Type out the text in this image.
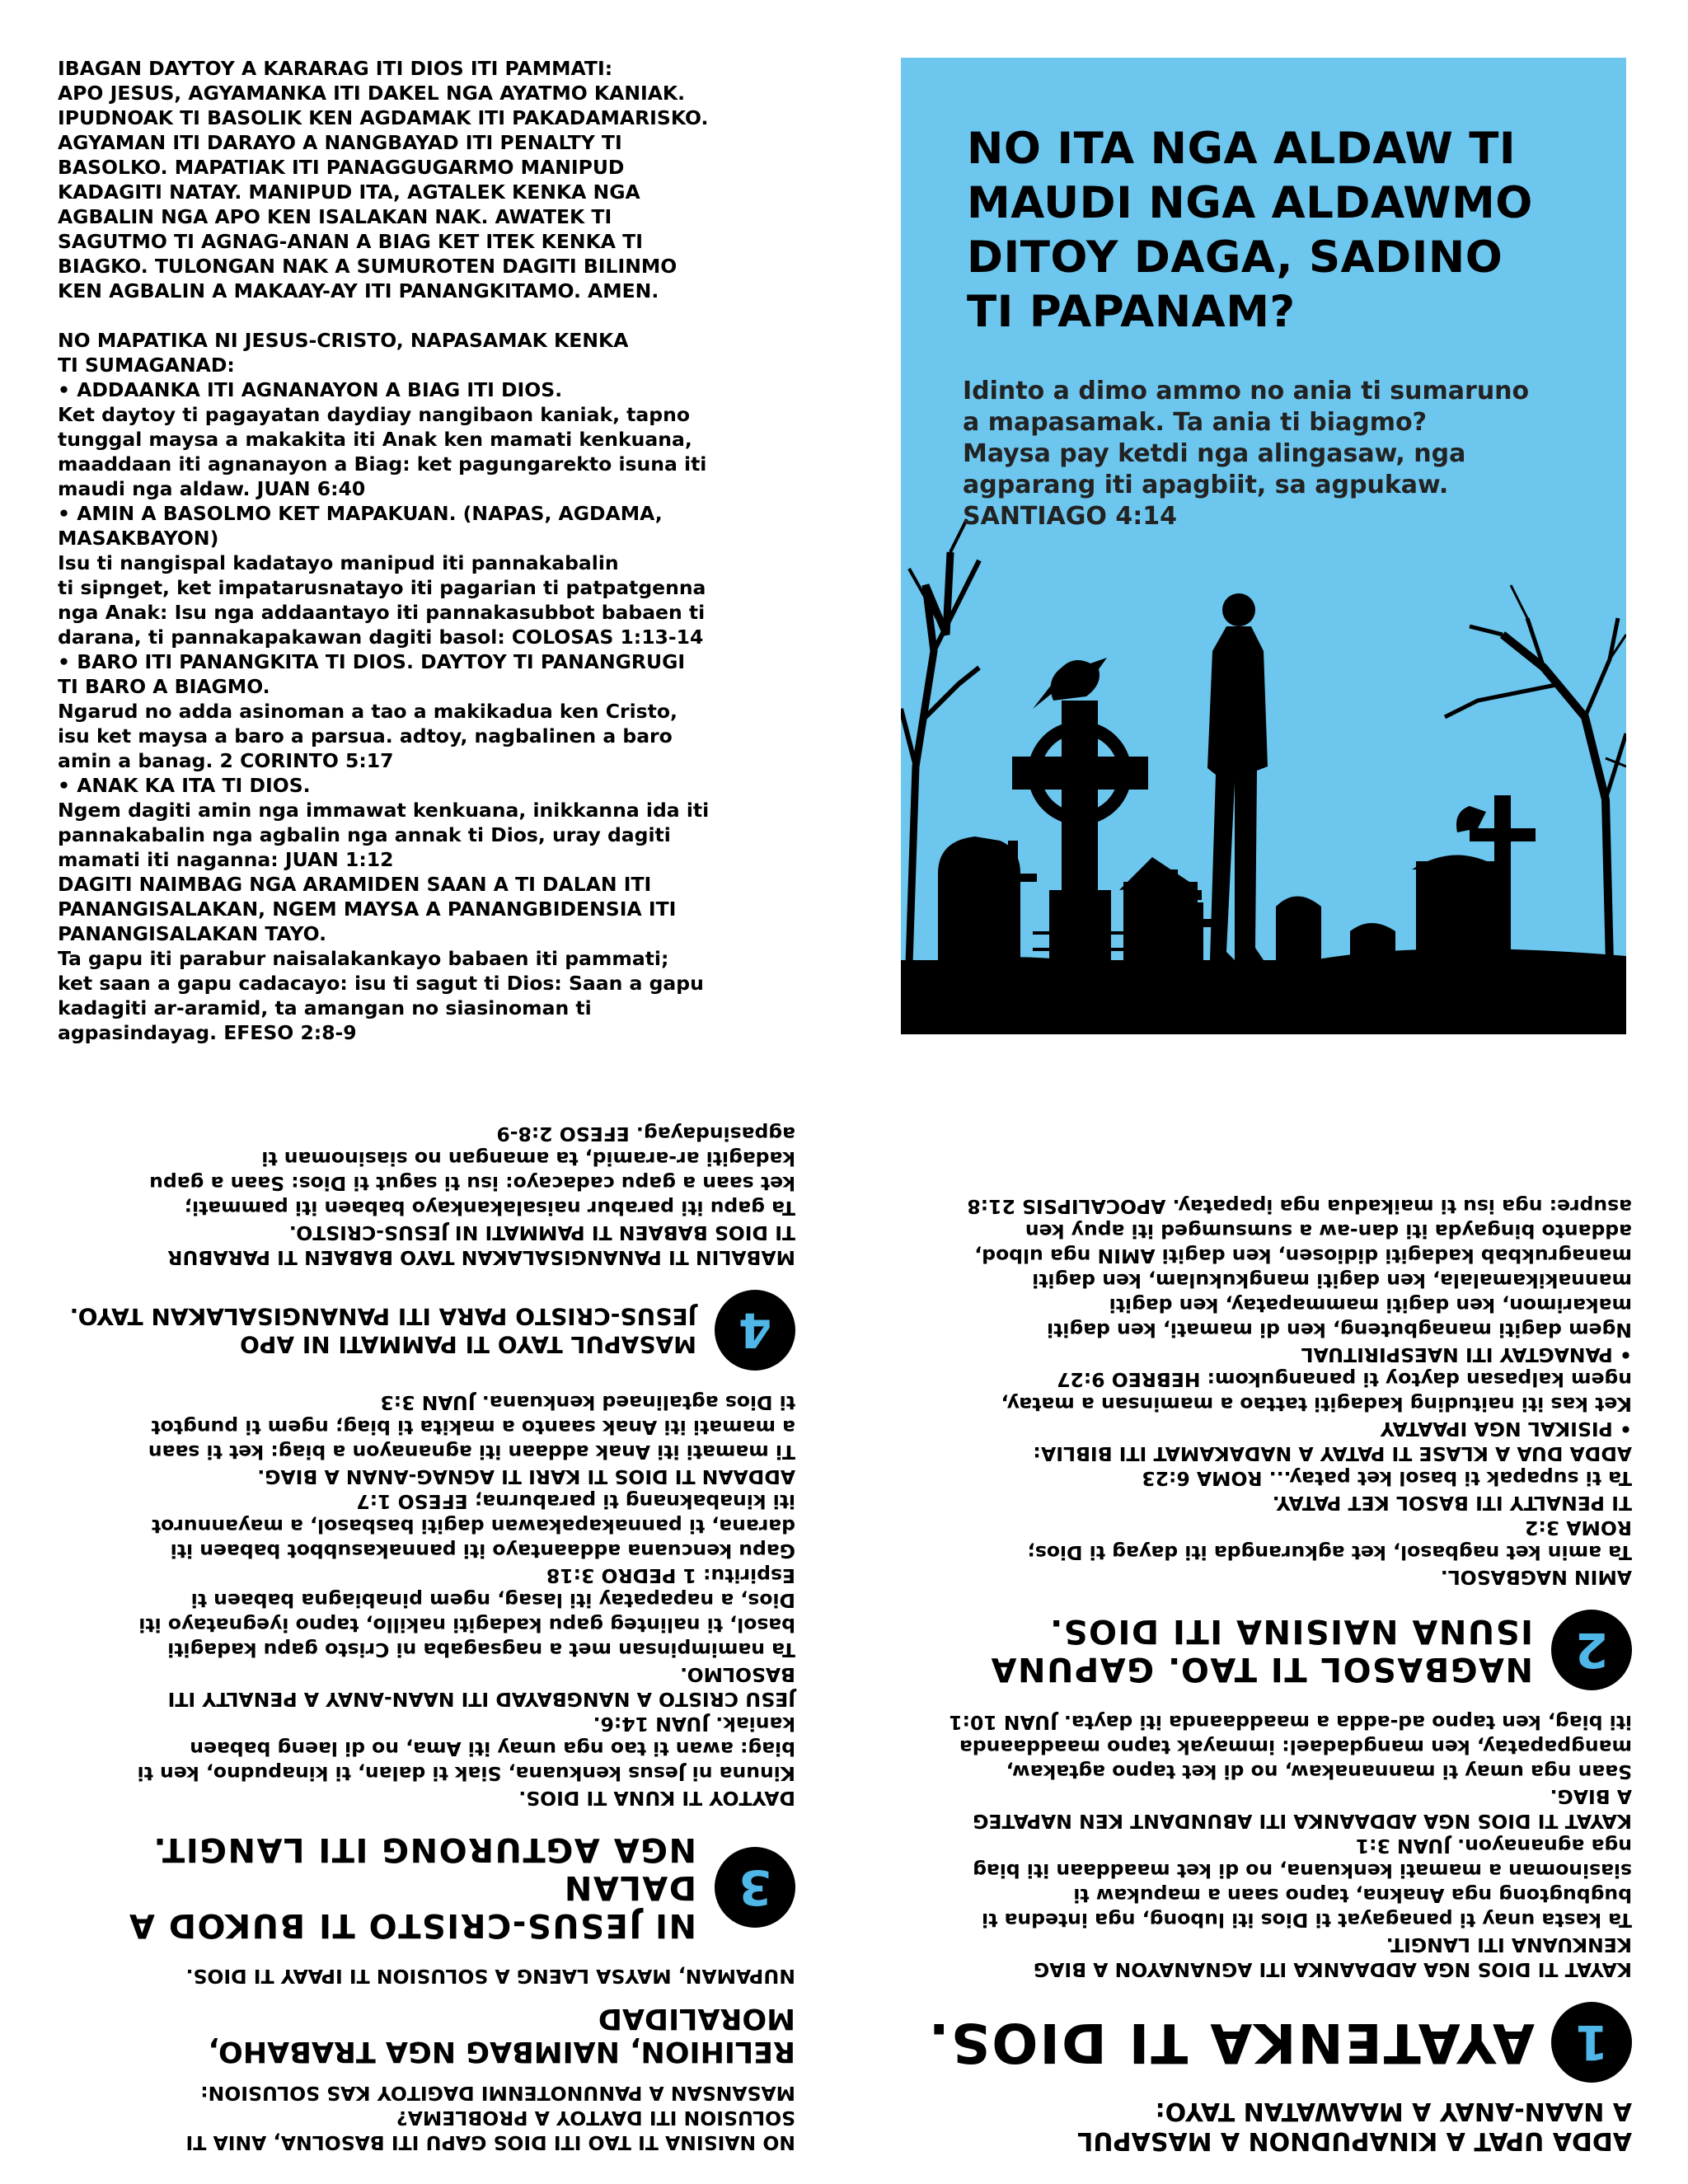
IBAGAN DAYTOY A KARARAG ITI DIOS ITI PAMMATI:
APO JESUS, AGYAMANKA ITI DAKEL NGA AYATMO KANIAK.
IPUDNOAK TI BASOLIK KEN AGDAMAK ITI PAKADAMARISKO.
AGYAMAN ITI DARAYO A NANGBAYAD ITI PENALTY TI
BASOLKO. MAPATIAK ITI PANAGGUGARMO MANIPUD
KADAGITI NATAY. MANIPUD ITA, AGTALEK KENKA NGA
AGBALIN NGA APO KEN ISALAKAN NAK. AWATEK TI
SAGUTMO TI AGNAG-ANAN A BIAG KET ITEK KENKA TI
BIAGKO. TULONGAN NAK A SUMUROTEN DAGITI BILINMO
KEN AGBALIN A MAKAAY-AY ITI PANANGKITAMO. AMEN.

NO MAPATIKA NI JESUS-CRISTO, NAPASAMAK KENKA
TI SUMAGANAD:

• ADDAANKA ITI AGNANAYON A BIAG ITI DIOS.

Ket daytoy ti pagayatan daydiay nangibaon kaniak, tapno
tunggal maysa a makakita iti Anak ken mamati kenkuana,
maaddaan iti agnanayon a Biag: ket pagungarekto isuna iti
maudi nga aldaw. JUAN 6:40

• AMIN A BASOLMO KET MAPAKUAN. (NAPAS, AGDAMA,
MASAKBAYON)

Isu ti nangispal kadatayo manipud iti pannakabalin
ti sipnget, ket impatarusnatayo iti pagarian ti patpatgenna
nga Anak: Isu nga addaantayo iti pannakasubbot babaen ti
darana, ti pannakapakawan dagiti basol: COLOSAS 1:13-14

• BARO ITI PANANGKITA TI DIOS. DAYTOY TI PANANGRUGI
TI BARO A BIAGMO.

Ngarud no adda asinoman a tao a makikadua ken Cristo,
isu ket maysa a baro a parsua. adtoy, nagbalinen a baro
amin a banag. 2 CORINTO 5:17

• ANAK KA ITA TI DIOS.

Ngem dagiti amin nga immawat kenkuana, inikkanna ida iti
pannakabalin nga agbalin nga annak ti Dios, uray dagiti
mamati iti naganna: JUAN 1:12

DAGITI NAIMBAG NGA ARAMIDEN SAAN A TI DALAN ITI
PANANGISALAKAN, NGEM MAYSA A PANANGBIDENSIA ITI
PANANGISALAKAN TAYO.

Ta gapu iti parabur naisalakankayo babaen iti pammati;
ket saan a gapu cadacayo: isu ti sagut ti Dios: Saan a gapu
kadagiti ar-aramid, ta amangan no siasinoman ti
agpasindayag. EFESO 2:8-9

NO ITA NGA ALDAW TI
MAUDI NGA ALDAWMO
DITOY DAGA, SADINO
TI PAPANAM?

Idinto a dimo ammo no ania ti sumaruno
a mapasamak. Ta ania ti biagmo?
Maysa pay ketdi nga alingasaw, nga
agparang iti apagbiit, sa agpukaw.
SANTIAGO 4:14

NO NAISINA TI TAO ITI DIOS GAPU ITI BASOLNA, ANIA TI
SOLUSION ITI DAYTOY A PROBLEMA?
MASANSAN A PANUNOTENMI DAGITOY KAS SOLUSION:

RELIHION, NAIMBAG NGA TRABAHO, MORALIDAD

NUPAMAN, MAYSA LAENG A SOLUSION TI IPAAY TI DIOS.

3

NI JESUS-CRISTO TI BUKOD A DALAN
NGA AGTURONG ITI LANGIT.

DAYTOY TI KUNA TI DIOS.

Kinuna ni Jesus kenkuana, Siak ti dalan, ti kinapudno, ken ti
biag: awan ti tao nga umay iti Ama, no di laeng babaen
kaniak. JUAN 14:6.

JESU CRISTO A NANGBAYAD ITI NAAN-ANAY A PENALTY ITI
BASOLMO.

Ta namimpinsan met a nagsagaba ni Cristo gapu kadagiti
basol, ti nalinteg gapu kadagiti nakillo, tapno iyegnatayo iti
Dios, a napapatay iti lasag, ngem pinabiagna babaen ti
Espiritu: 1 PEDRO 3:18

Gapu kencuana addaantayo iti pannakasubbot babaen iti
darana, ti pannakapakawan dagiti basbasol, a mayannurot
iti kinabaknang ti paraburna; EFESO 1:7

ADDAAN TI DIOS TI KARI TI AGNAG-ANAN A BIAG.

Ti mamati iti Anak addaan iti agnanayon a biag: ket ti saan
a mamati iti Anak saanto a makita ti biag; ngem ti pungtot
ti Dios agtalinaed kenkuana. JUAN 3:3

4

MASAPUL TAYO TI PAMMATI NI APO
JESUS-CRISTO PARA ITI PANANGISALAKAN TAYO.

MABALIN TI PANANGISALAKAN TAYO BABAEN TI PARABUR
TI DIOS BABAEN TI PAMMATI NI JESUS-CRISTO.

Ta gapu iti parabur naisalakankayo babaen iti pammati;
ket saan a gapu cadacayo: isu ti sagut ti Dios: Saan a gapu
kadagiti ar-aramid, ta amangan no siasinoman ti
agpasindayag. EFESO 2:8-9

ADDA UPAT A KINAPUDNON A MASAPUL
A NAAN-ANAY A MAAWATAN TAYO:

1

AYATENKA TI DIOS.

KAYAT TI DIOS NGA ADDAANKA ITI AGNANAYON A BIAG
KENKUANA ITI LANGIT.

Ta kasta unay ti panagayat ti Dios iti lubong, nga intedna ti
bugbugtong nga Anakna, tapno saan a mapukaw ti
siasinoman a mamati kenkuana, no di ket maaddaan iti biag
nga agnanayon. JUAN 3:1

KAYAT TI DIOS NGA ADDAANKA ITI ABUNDANT KEN NAPATEG
A BIAG.

Saan nga umay ti mannanakaw, no di ket tapno agtakaw,
mangpapatay, ken mangdadael: immayak tapno maaddaanda
iti biag, ken tapno ad-adda a maaddaanda iti dayta. JUAN 10:1

2

NAGBASOL TI TAO. GAPUNA
ISUNA NAISINA ITI DIOS.

AMIN NAGBASOL.

Ta amin ket nagbasol, ket agkurangda iti dayag ti Dios;
ROMA 3:2

TI PENALTY ITI BASOL KET PATAY.

Ta ti supapak ti basol ket patay... ROMA 6:23

ADDA DUA A KLASE TI PATAY A NADAKAMAT ITI BIBLIA:

• PISIKAL NGA IPAATAY
Ket kas iti naituding kadagiti tattao a maminsan a matay,
ngem kalpasan daytoy ti panangukom: HEBREO 9:27

• PANAGTAY ITI NAESPIRITUAL
Ngem dagiti managbuteng, ken di mamati, ken dagiti
makarimon, ken dagiti mammapatay, ken dagiti
mannakikamalala, ken dagiti mangkukulam, ken dagiti
managrukbab kadagiti didiosen, ken dagiti AMIN nga ulbod,
addanto bingayda iti dan-aw a sumsumged iti apuy ken
asupre: nga isu ti maikadua nga ipapatay. APOCALIPSIS 21:8
